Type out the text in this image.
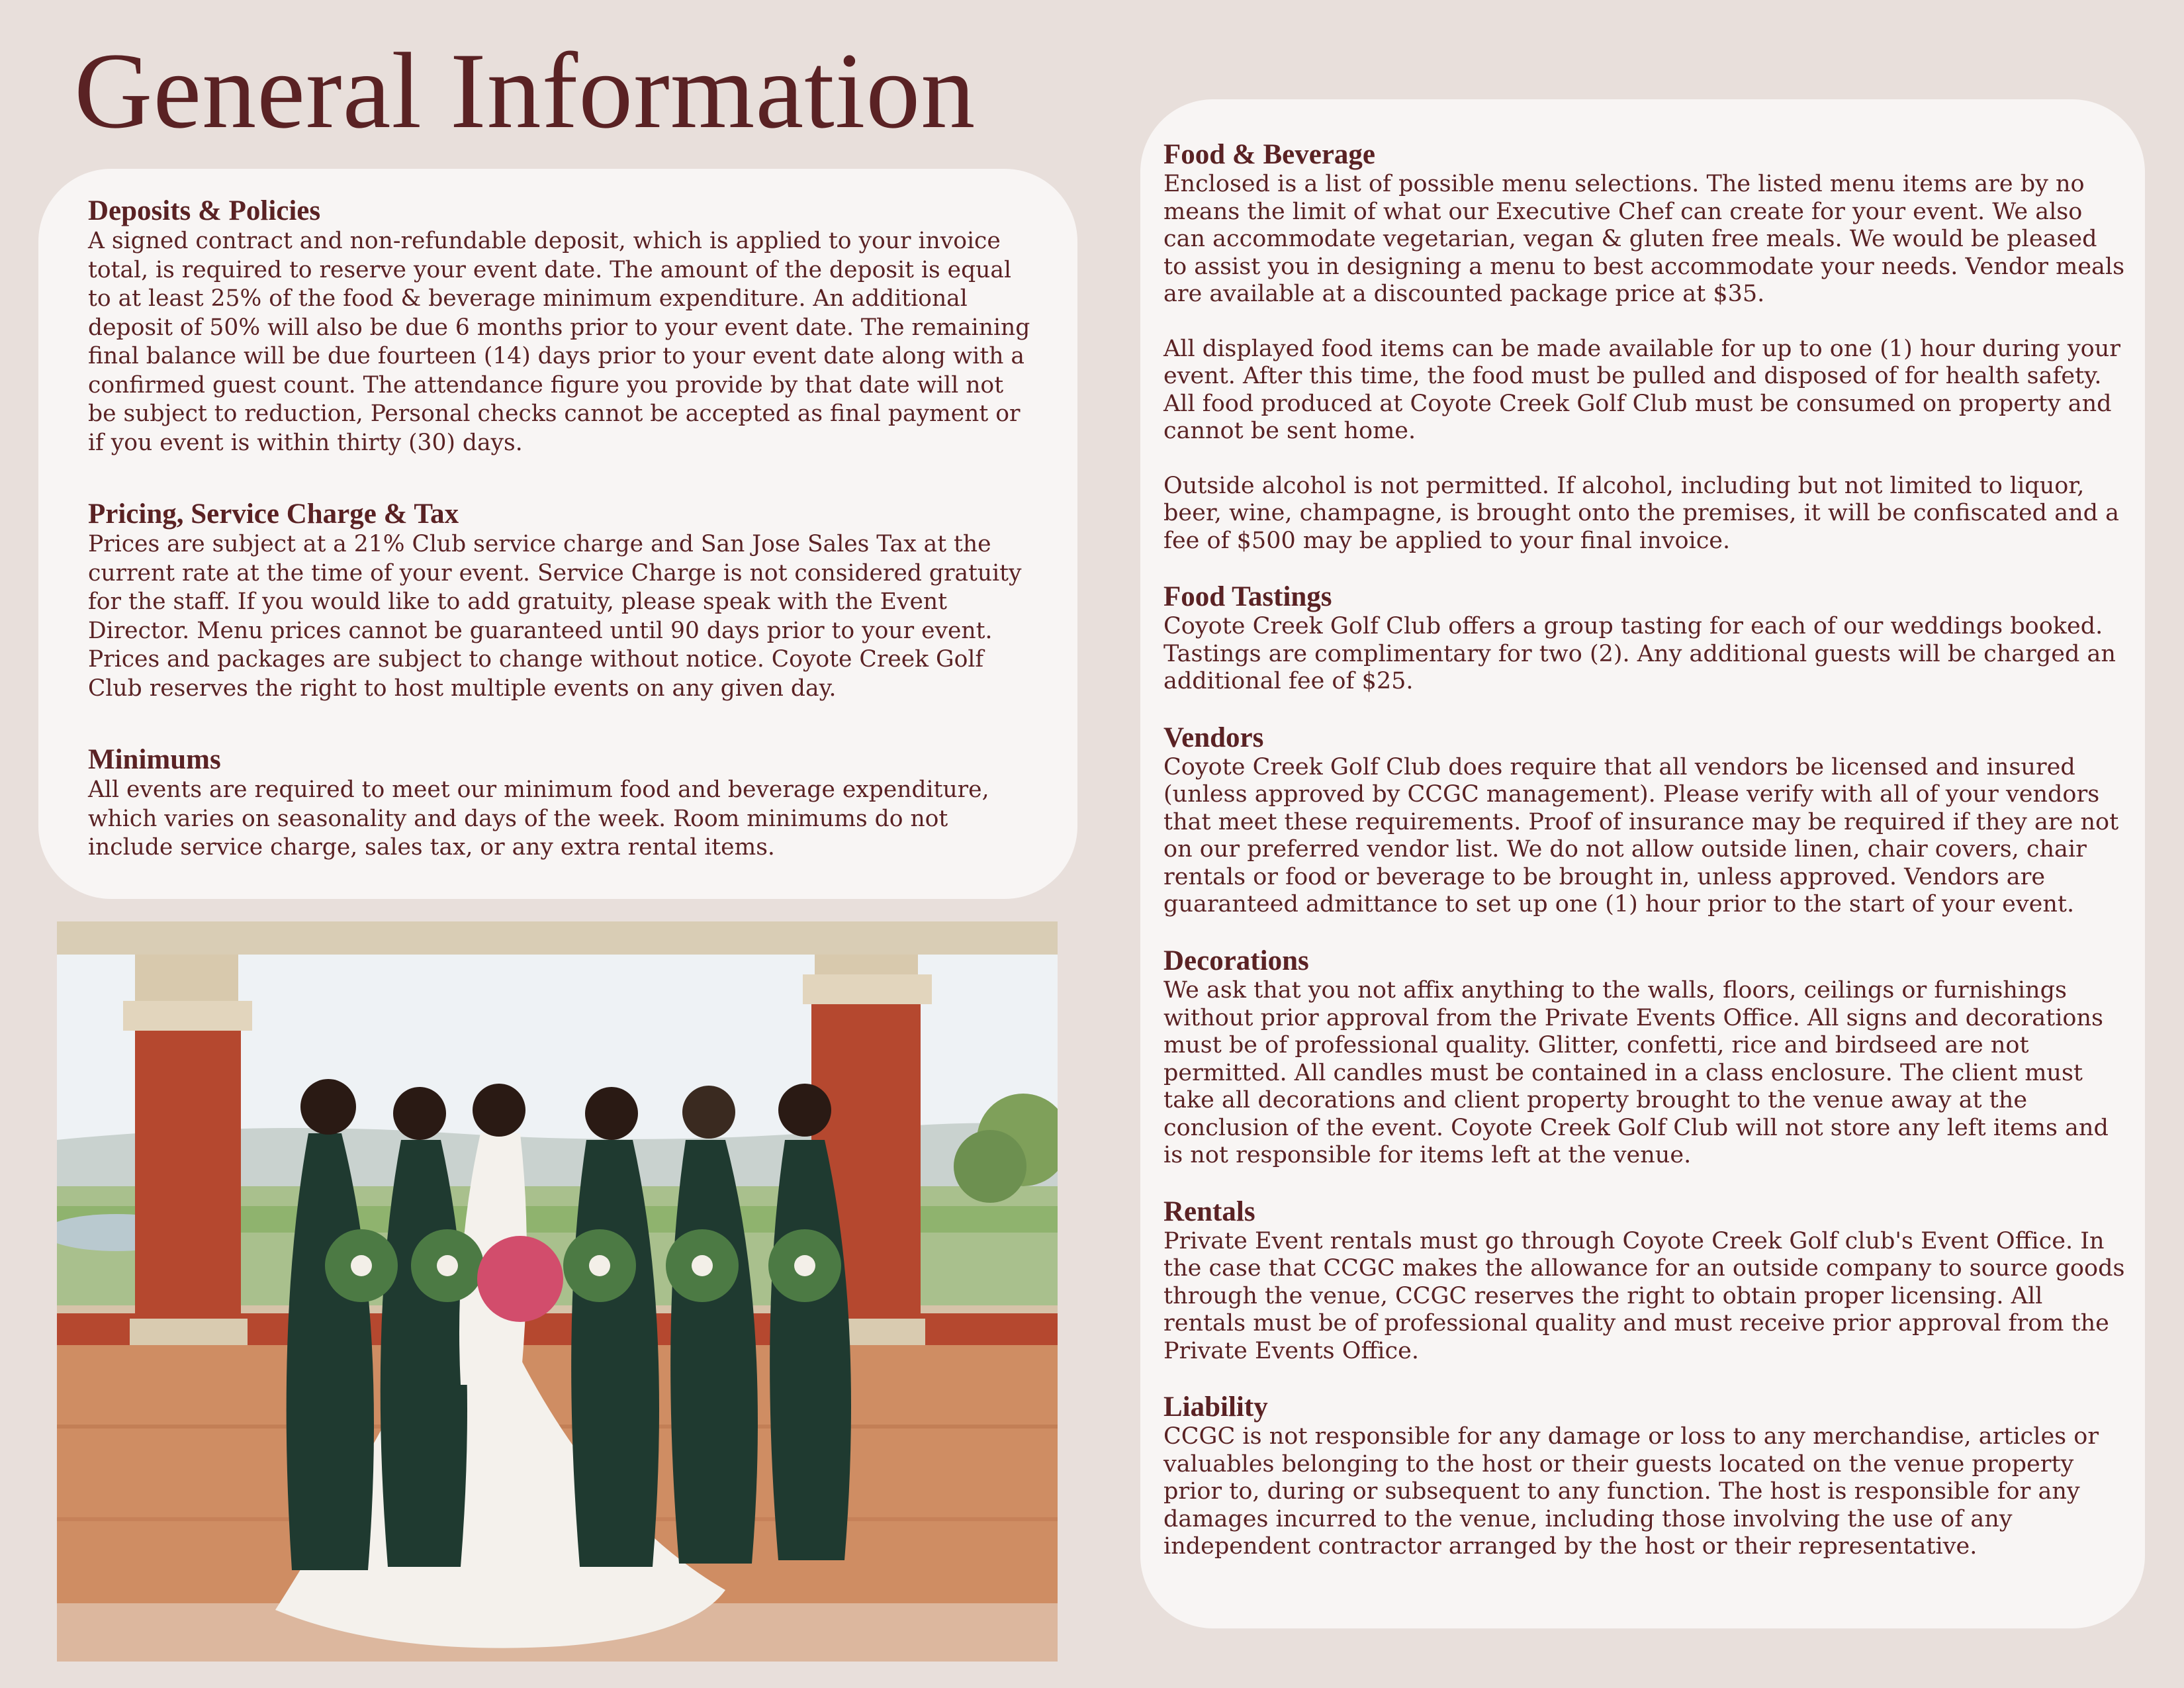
General Information
Deposits & Policies

A signed contract and non-refundable deposit, which is applied to your invoice total, is required to reserve your event date. The amount of the deposit is equal to at least 25% of the food & beverage minimum expenditure. An additional deposit of 50% will also be due 6 months prior to your event date. The remaining final balance will be due fourteen (14) days prior to your event date along with a confirmed guest count. The attendance figure you provide by that date will not be subject to reduction, Personal checks cannot be accepted as final payment or if you event is within thirty (30) days.

Pricing, Service Charge & Tax

Prices are subject at a 21% Club service charge and San Jose Sales Tax at the current rate at the time of your event. Service Charge is not considered gratuity for the staff. If you would like to add gratuity, please speak with the Event Director. Menu prices cannot be guaranteed until 90 days prior to your event. Prices and packages are subject to change without notice. Coyote Creek Golf Club reserves the right to host multiple events on any given day.

Minimums

All events are required to meet our minimum food and beverage expenditure, which varies on seasonality and days of the week. Room minimums do not include service charge, sales tax, or any extra rental items.

Food & Beverage

Enclosed is a list of possible menu selections. The listed menu items are by no means the limit of what our Executive Chef can create for your event. We also can accommodate vegetarian, vegan & gluten free meals. We would be pleased to assist you in designing a menu to best accommodate your needs. Vendor meals are available at a discounted package price at $35.

All displayed food items can be made available for up to one (1) hour during your event. After this time, the food must be pulled and disposed of for health safety. All food produced at Coyote Creek Golf Club must be consumed on property and cannot be sent home.

Outside alcohol is not permitted. If alcohol, including but not limited to liquor, beer, wine, champagne, is brought onto the premises, it will be confiscated and a fee of $500 may be applied to your final invoice.

Food Tastings

Coyote Creek Golf Club offers a group tasting for each of our weddings booked. Tastings are complimentary for two (2). Any additional guests will be charged an additional fee of $25.

Vendors

Coyote Creek Golf Club does require that all vendors be licensed and insured (unless approved by CCGC management). Please verify with all of your vendors that meet these requirements. Proof of insurance may be required if they are not on our preferred vendor list. We do not allow outside linen, chair covers, chair rentals or food or beverage to be brought in, unless approved. Vendors are guaranteed admittance to set up one (1) hour prior to the start of your event.

Decorations

We ask that you not affix anything to the walls, floors, ceilings or furnishings without prior approval from the Private Events Office. All signs and decorations must be of professional quality. Glitter, confetti, rice and birdseed are not permitted. All candles must be contained in a class enclosure. The client must take all decorations and client property brought to the venue away at the conclusion of the event. Coyote Creek Golf Club will not store any left items and is not responsible for items left at the venue.

Rentals

Private Event rentals must go through Coyote Creek Golf club's Event Office. In the case that CCGC makes the allowance for an outside company to source goods through the venue, CCGC reserves the right to obtain proper licensing. All rentals must be of professional quality and must receive prior approval from the Private Events Office.

Liability

CCGC is not responsible for any damage or loss to any merchandise, articles or valuables belonging to the host or their guests located on the venue property prior to, during or subsequent to any function. The host is responsible for any damages incurred to the venue, including those involving the use of any independent contractor arranged by the host or their representative.
